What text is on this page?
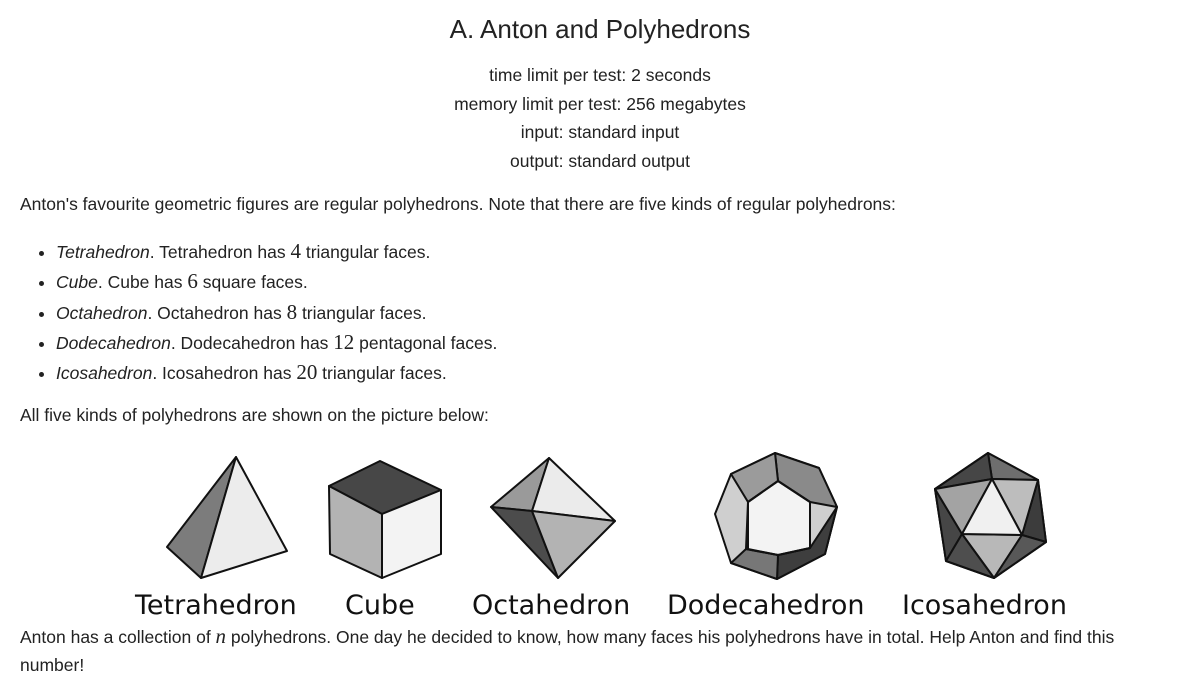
A. Anton and Polyhedrons
time limit per test: 2 seconds
memory limit per test: 256 megabytes
input: standard input
output: standard output

Anton's favourite geometric figures are regular polyhedrons. Note that there are five kinds of regular polyhedrons:

• Tetrahedron. Tetrahedron has 4 triangular faces.
• Cube. Cube has 6 square faces.
• Octahedron. Octahedron has 8 triangular faces.
• Dodecahedron. Dodecahedron has 12 pentagonal faces.
• Icosahedron. Icosahedron has 20 triangular faces.

All five kinds of polyhedrons are shown on the picture below:

Tetrahedron Cube Octahedron Dodecahedron Icosahedron

Anton has a collection of n polyhedrons. One day he decided to know, how many faces his polyhedrons have in total. Help Anton and find this number!
